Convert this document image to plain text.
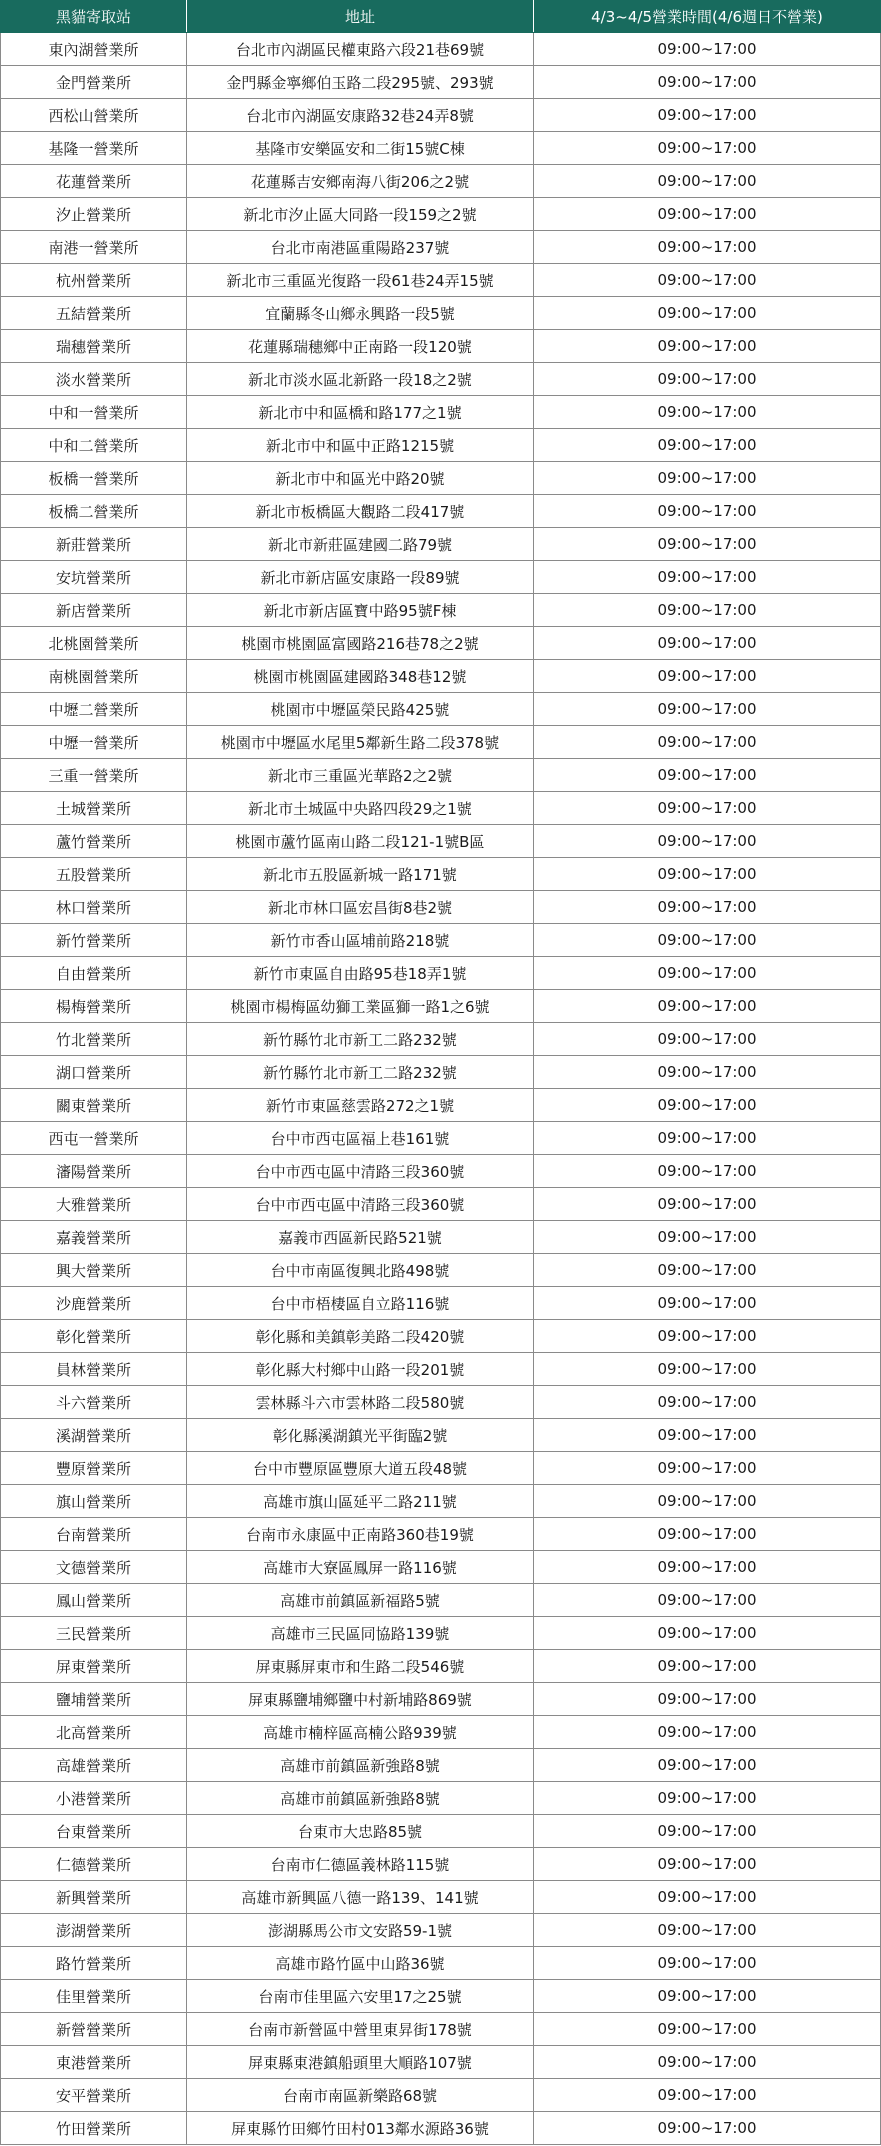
黑貓寄取站	地址	4/3~4/5營業時間(4/6週日不營業)
東內湖營業所	台北市內湖區民權東路六段21巷69號	09:00~17:00
金門營業所	金門縣金寧鄉伯玉路二段295號、293號	09:00~17:00
西松山營業所	台北市內湖區安康路32巷24弄8號	09:00~17:00
基隆一營業所	基隆市安樂區安和二街15號C棟	09:00~17:00
花蓮營業所	花蓮縣吉安鄉南海八街206之2號	09:00~17:00
汐止營業所	新北市汐止區大同路一段159之2號	09:00~17:00
南港一營業所	台北市南港區重陽路237號	09:00~17:00
杭州營業所	新北市三重區光復路一段61巷24弄15號	09:00~17:00
五結營業所	宜蘭縣冬山鄉永興路一段5號	09:00~17:00
瑞穗營業所	花蓮縣瑞穗鄉中正南路一段120號	09:00~17:00
淡水營業所	新北市淡水區北新路一段18之2號	09:00~17:00
中和一營業所	新北市中和區橋和路177之1號	09:00~17:00
中和二營業所	新北市中和區中正路1215號	09:00~17:00
板橋一營業所	新北市中和區光中路20號	09:00~17:00
板橋二營業所	新北市板橋區大觀路二段417號	09:00~17:00
新莊營業所	新北市新莊區建國二路79號	09:00~17:00
安坑營業所	新北市新店區安康路一段89號	09:00~17:00
新店營業所	新北市新店區寶中路95號F棟	09:00~17:00
北桃園營業所	桃園市桃園區富國路216巷78之2號	09:00~17:00
南桃園營業所	桃園市桃園區建國路348巷12號	09:00~17:00
中壢二營業所	桃園市中壢區榮民路425號	09:00~17:00
中壢一營業所	桃園市中壢區水尾里5鄰新生路二段378號	09:00~17:00
三重一營業所	新北市三重區光華路2之2號	09:00~17:00
土城營業所	新北市土城區中央路四段29之1號	09:00~17:00
蘆竹營業所	桃園市蘆竹區南山路二段121-1號B區	09:00~17:00
五股營業所	新北市五股區新城一路171號	09:00~17:00
林口營業所	新北市林口區宏昌街8巷2號	09:00~17:00
新竹營業所	新竹市香山區埔前路218號	09:00~17:00
自由營業所	新竹市東區自由路95巷18弄1號	09:00~17:00
楊梅營業所	桃園市楊梅區幼獅工業區獅一路1之6號	09:00~17:00
竹北營業所	新竹縣竹北市新工二路232號	09:00~17:00
湖口營業所	新竹縣竹北市新工二路232號	09:00~17:00
關東營業所	新竹市東區慈雲路272之1號	09:00~17:00
西屯一營業所	台中市西屯區福上巷161號	09:00~17:00
瀋陽營業所	台中市西屯區中清路三段360號	09:00~17:00
大雅營業所	台中市西屯區中清路三段360號	09:00~17:00
嘉義營業所	嘉義市西區新民路521號	09:00~17:00
興大營業所	台中市南區復興北路498號	09:00~17:00
沙鹿營業所	台中市梧棲區自立路116號	09:00~17:00
彰化營業所	彰化縣和美鎮彰美路二段420號	09:00~17:00
員林營業所	彰化縣大村鄉中山路一段201號	09:00~17:00
斗六營業所	雲林縣斗六市雲林路二段580號	09:00~17:00
溪湖營業所	彰化縣溪湖鎮光平街臨2號	09:00~17:00
豐原營業所	台中市豐原區豐原大道五段48號	09:00~17:00
旗山營業所	高雄市旗山區延平二路211號	09:00~17:00
台南營業所	台南市永康區中正南路360巷19號	09:00~17:00
文德營業所	高雄市大寮區鳳屏一路116號	09:00~17:00
鳳山營業所	高雄市前鎮區新福路5號	09:00~17:00
三民營業所	高雄市三民區同協路139號	09:00~17:00
屏東營業所	屏東縣屏東市和生路二段546號	09:00~17:00
鹽埔營業所	屏東縣鹽埔鄉鹽中村新埔路869號	09:00~17:00
北高營業所	高雄市楠梓區高楠公路939號	09:00~17:00
高雄營業所	高雄市前鎮區新強路8號	09:00~17:00
小港營業所	高雄市前鎮區新強路8號	09:00~17:00
台東營業所	台東市大忠路85號	09:00~17:00
仁德營業所	台南市仁德區義林路115號	09:00~17:00
新興營業所	高雄市新興區八德一路139、141號	09:00~17:00
澎湖營業所	澎湖縣馬公市文安路59-1號	09:00~17:00
路竹營業所	高雄市路竹區中山路36號	09:00~17:00
佳里營業所	台南市佳里區六安里17之25號	09:00~17:00
新營營業所	台南市新營區中營里東昇街178號	09:00~17:00
東港營業所	屏東縣東港鎮船頭里大順路107號	09:00~17:00
安平營業所	台南市南區新樂路68號	09:00~17:00
竹田營業所	屏東縣竹田鄉竹田村013鄰水源路36號	09:00~17:00
